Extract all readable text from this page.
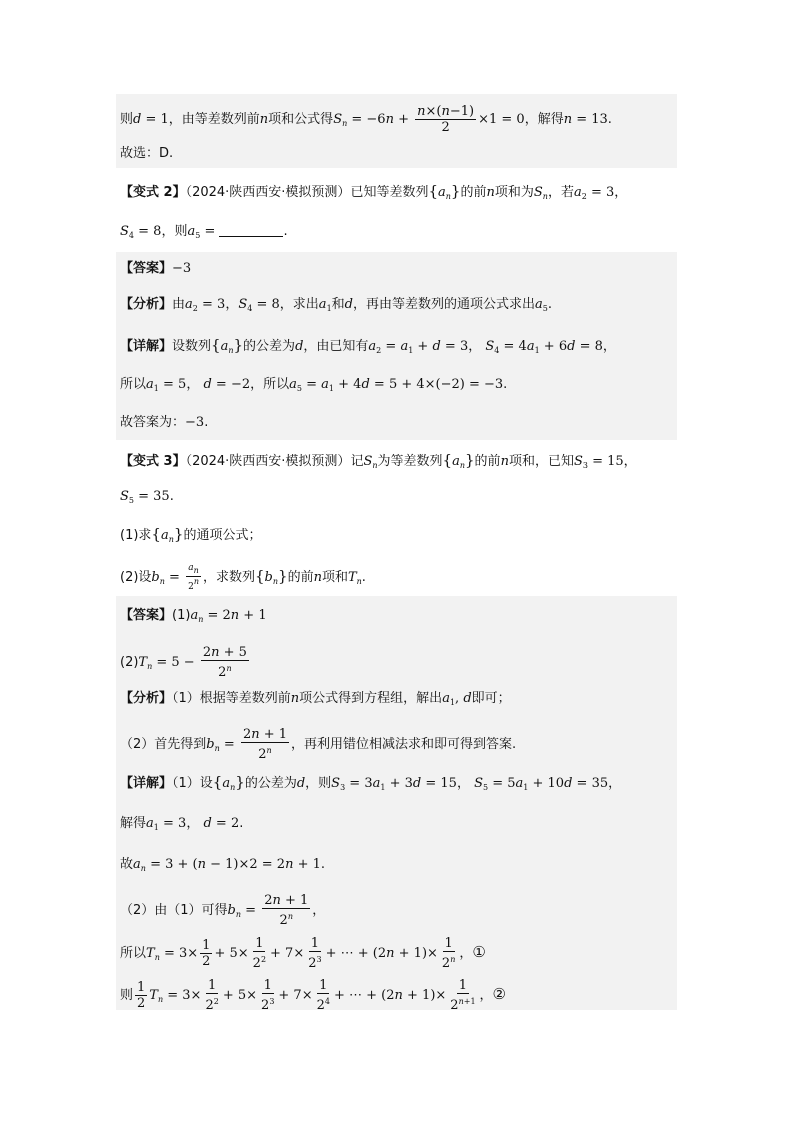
则d = 1，由等差数列前n项和公式得$S_n = -6n + \frac{n\times(n-1)}{2} \times 1 = 0$，解得n = 13.
故选：D.
【变式 2】（2024·陕西西安·模拟预测）已知等差数列$\{a_n\}$的前n项和为$S_n$，若$a_2 = 3$，
$S_4 = 8$，则$a_5$ =	.
【答案】−3
【分析】由$a_2 = 3$，$S_4 = 8$，求出$a_1$和d，再由等差数列的通项公式求出$a_5$.
【详解】设数列$\{a_n\}$的公差为d，由已知有$a_2 = a_1 + d = 3$， $S_4 = 4a_1 + 6d = 8$，
所以$a_1 = 5$， d = −2，所以$a_5 = a_1 + 4d = 5 + 4\times(-2) = -3$.
故答案为：−3.
【变式 3】（2024·陕西西安·模拟预测）记$S_n$为等差数列$\{a_n\}$的前n项和，已知$S_3 = 15$，
$S_5 = 35$.
(1)求$\{a_n\}$的通项公式；
(2)设$b_n = \frac{a_n}{2^n}$ ，求数列$\{b_n\}$的前n项和$T_n$.
【答案】$(1)a_n = 2n + 1$
$(2)T_n = 5 - \frac{2n + 5}{2^n}$
【分析】（1）根据等差数列前n项公式得到方程组，解出$a_1$, d即可；
（2）首先得到$b_n = \frac{2n + 1}{2^n}$ ，再利用错位相减法求和即可得到答案.
【详解】（1）设$\{a_n\}$的公差为d，则$S_3 = 3a_1 + 3d = 15$， $S_5 = 5a_1 + 10d = 35$，
解得$a_1 = 3$， d = 2.
故$a_n = 3 + (n - 1)\times 2 = 2n + 1$.
（2）由（1）可得$b_n = \frac{2n + 1}{2^n}$ ，
所以$T_n = 3\times \frac{1}{2} + 5\times \frac{1}{2^2} + 7\times \frac{1}{2^3}$ + ⋯ + $(2n + 1)\times \frac{1}{2^n}$ ，①
则 $\frac{1}{2} T_n = 3\times \frac{1}{2^2} + 5\times \frac{1}{2^3} + 7\times \frac{1}{2^4}$ + ⋯ + $(2n + 1)\times \frac{1}{2^{n+1}}$ ，②
